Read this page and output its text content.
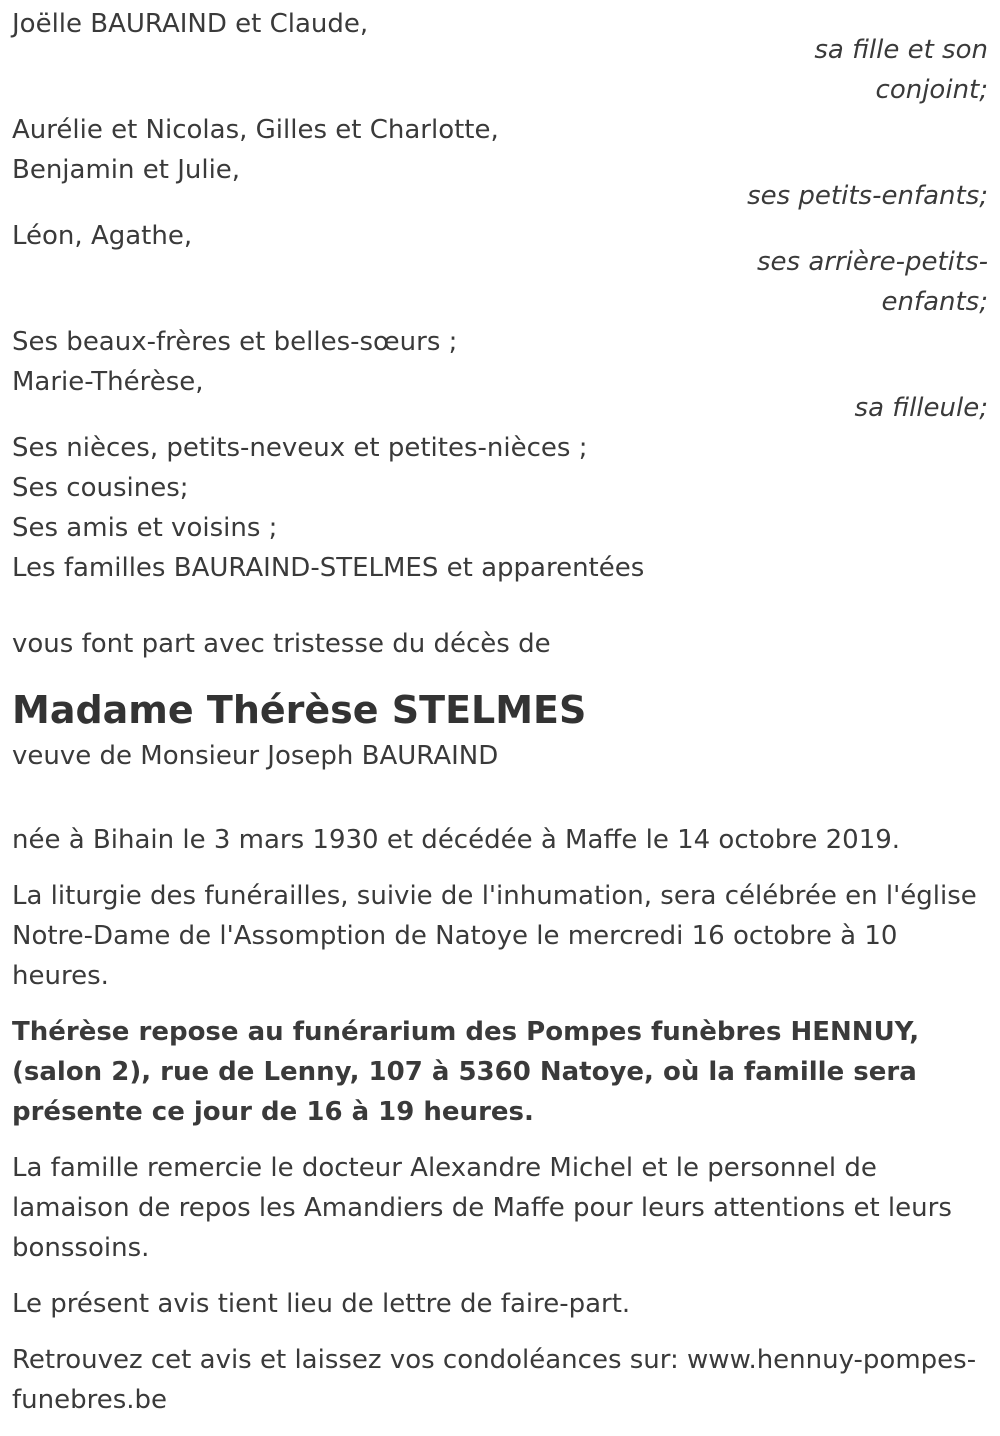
Joëlle BAURAIND et Claude,

sa fille et son conjoint;

Aurélie et Nicolas, Gilles et Charlotte,

Benjamin et Julie,

ses petits-enfants;

Léon, Agathe,

ses arrière-petits-enfants;

Ses beaux-frères et belles-sœurs ;

Marie-Thérèse,

sa filleule;

Ses nièces, petits-neveux et petites-nièces ;

Ses cousines;

Ses amis et voisins ;

Les familles BAURAIND-STELMES et apparentées

vous font part avec tristesse du décès de

Madame Thérèse STELMES

veuve de Monsieur Joseph BAURAIND

née à Bihain le 3 mars 1930 et décédée à Maffe le 14 octobre 2019.

La liturgie des funérailles, suivie de l'inhumation, sera célébrée en l'église Notre-Dame de l'Assomption de Natoye le mercredi 16 octobre à 10 heures.

Thérèse repose au funérarium des Pompes funèbres HENNUY, (salon 2), rue de Lenny, 107 à 5360 Natoye, où la famille sera présente ce jour de 16 à 19 heures.

La famille remercie le docteur Alexandre Michel et le personnel de lamaison de repos les Amandiers de Maffe pour leurs attentions et leurs bonssoins.

Le présent avis tient lieu de lettre de faire-part.

Retrouvez cet avis et laissez vos condoléances sur: www.hennuy-pompes-funebres.be
